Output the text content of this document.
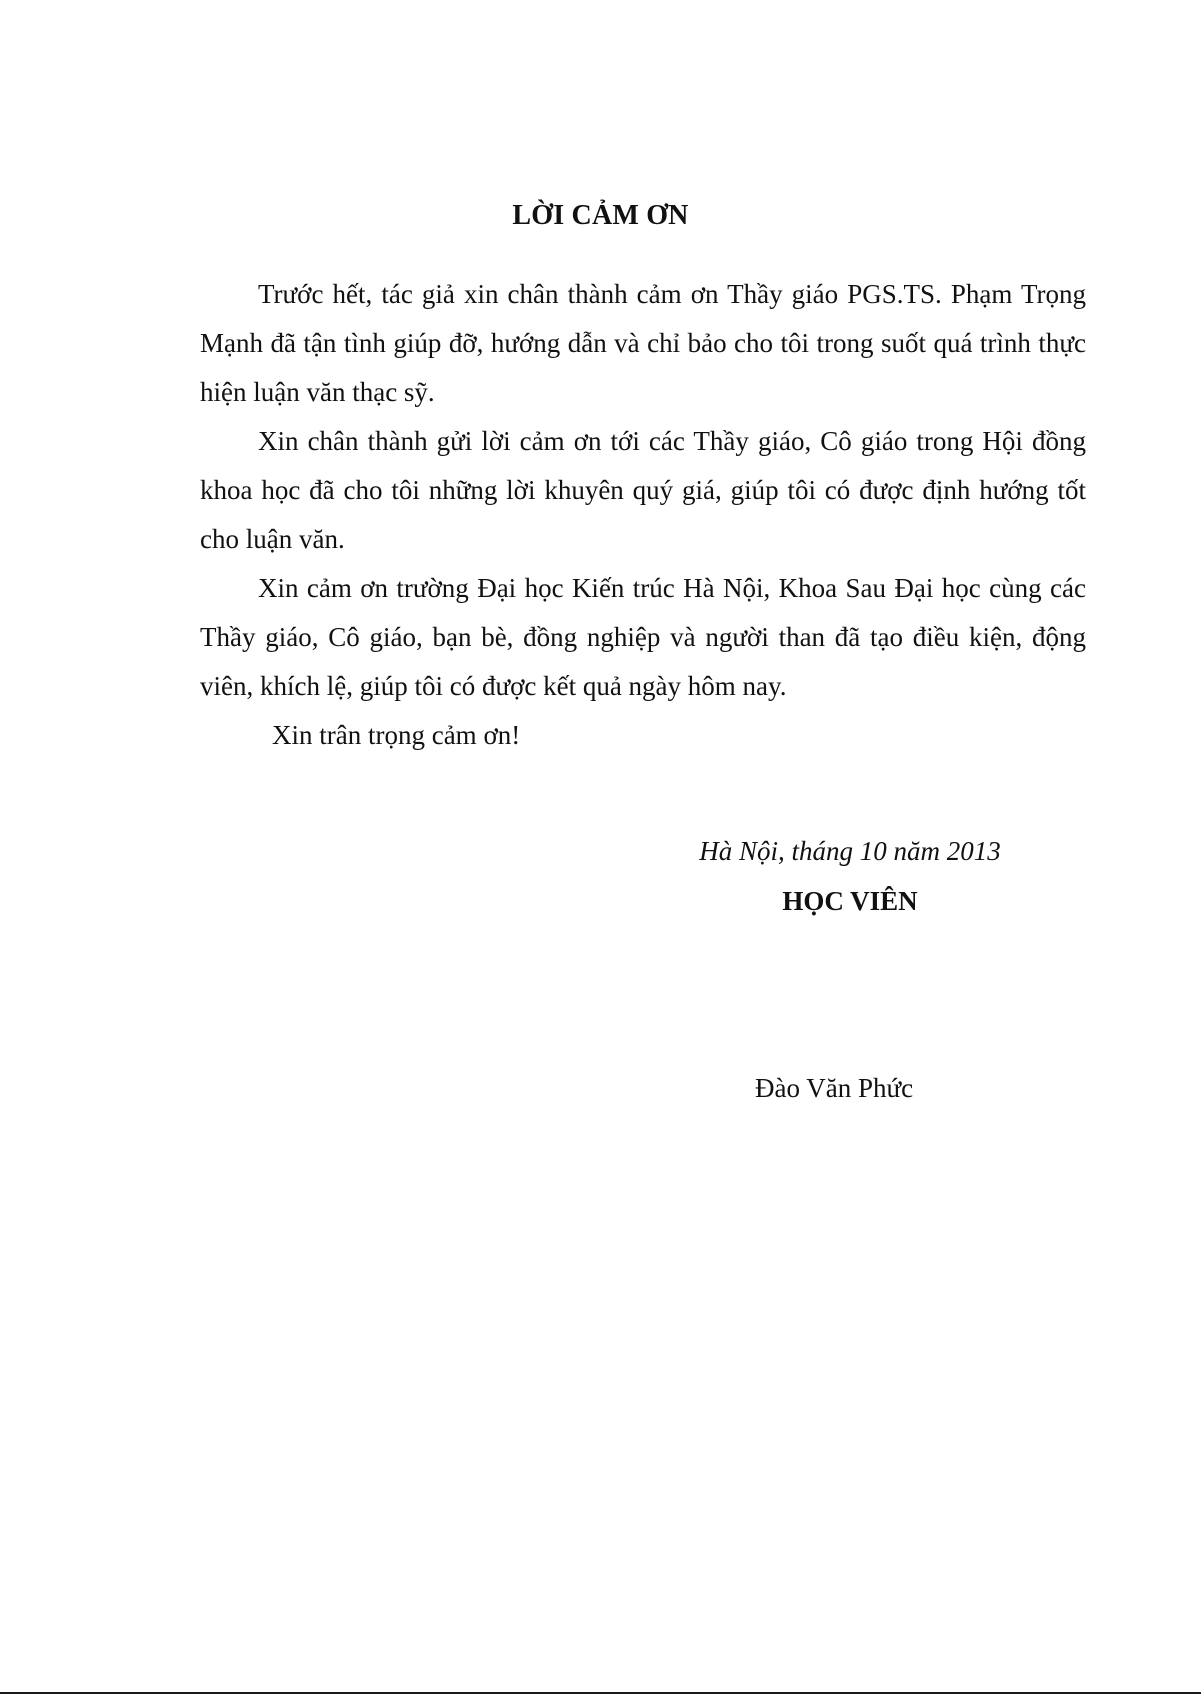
LỜI CẢM ƠN

Trước hết, tác giả xin chân thành cảm ơn Thầy giáo PGS.TS. Phạm Trọng Mạnh đã tận tình giúp đỡ, hướng dẫn và chỉ bảo cho tôi trong suốt quá trình thực hiện luận văn thạc sỹ.

Xin chân thành gửi lời cảm ơn tới các Thầy giáo, Cô giáo trong Hội đồng khoa học đã cho tôi những lời khuyên quý giá, giúp tôi có được định hướng tốt cho luận văn.

Xin cảm ơn trường Đại học Kiến trúc Hà Nội, Khoa Sau Đại học cùng các Thầy giáo, Cô giáo, bạn bè, đồng nghiệp và người than đã tạo điều kiện, động viên, khích lệ, giúp tôi có được kết quả ngày hôm nay.

Xin trân trọng cảm ơn!

Hà Nội, tháng 10 năm 2013
HỌC VIÊN
Đào Văn Phức
